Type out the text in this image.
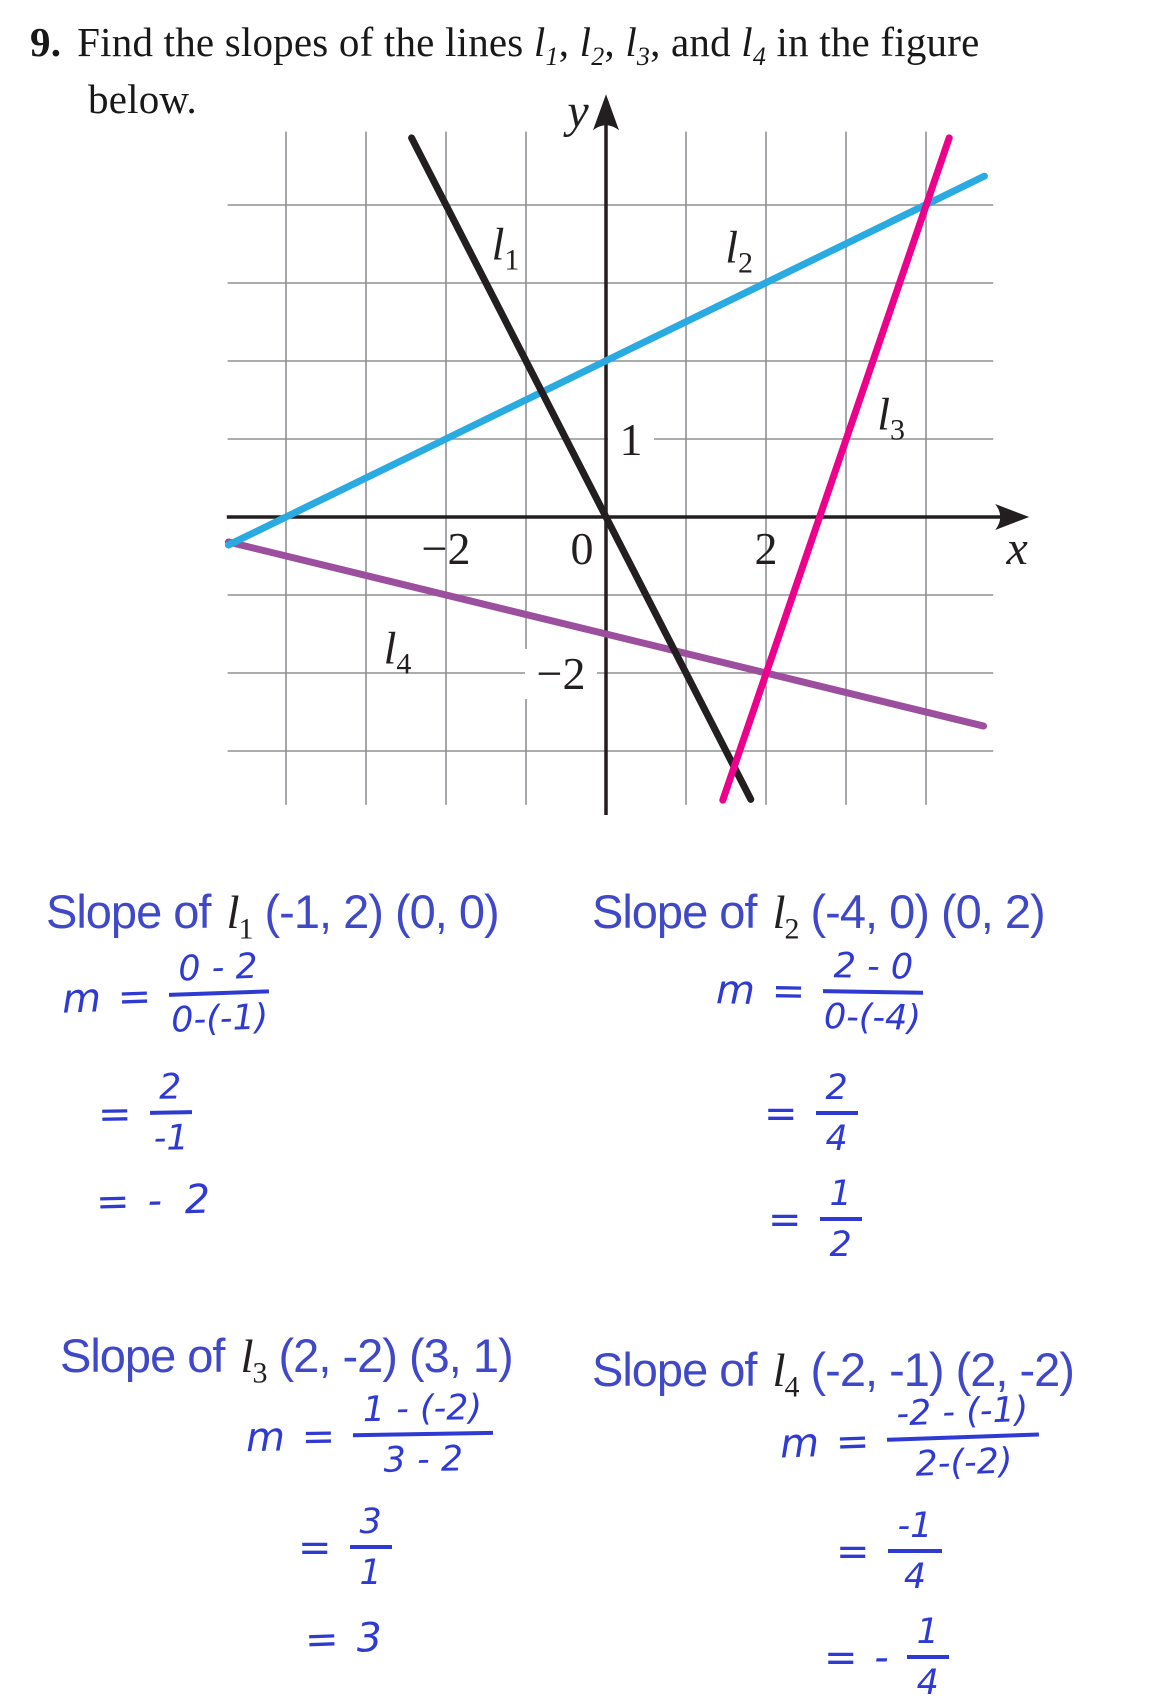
9. Find the slopes of the lines $l_1$, $l_2$, $l_3$, and $l_4$ in the figure
below.
−2 0	2
1
−2
x
y
$l_4$
$l_2$
$l_1$
$l_3$
Slope of $l_1$ (-1, 2) (0, 0)
$m = \frac{0 - 2}{0-(-1)}$
= $\frac{2}{-1}$
= - 2
Slope of $l_2$ (-4, 0) (0, 2)
$m = \frac{2 - 0}{0-(-4)}$
= $\frac{2}{4}$
= $\frac{1}{2}$
Slope of $l_3$ (2, -2) (3, 1)
$m = \frac{1 - (-2)}{3 - 2}$
= $\frac{3}{1}$
= 3
Slope of $l_4$ (-2, -1) (2, -2)
$m = \frac{-2 - (-1)}{2-(-2)}$
= $\frac{-1}{4}$
= - $\frac{1}{4}$
